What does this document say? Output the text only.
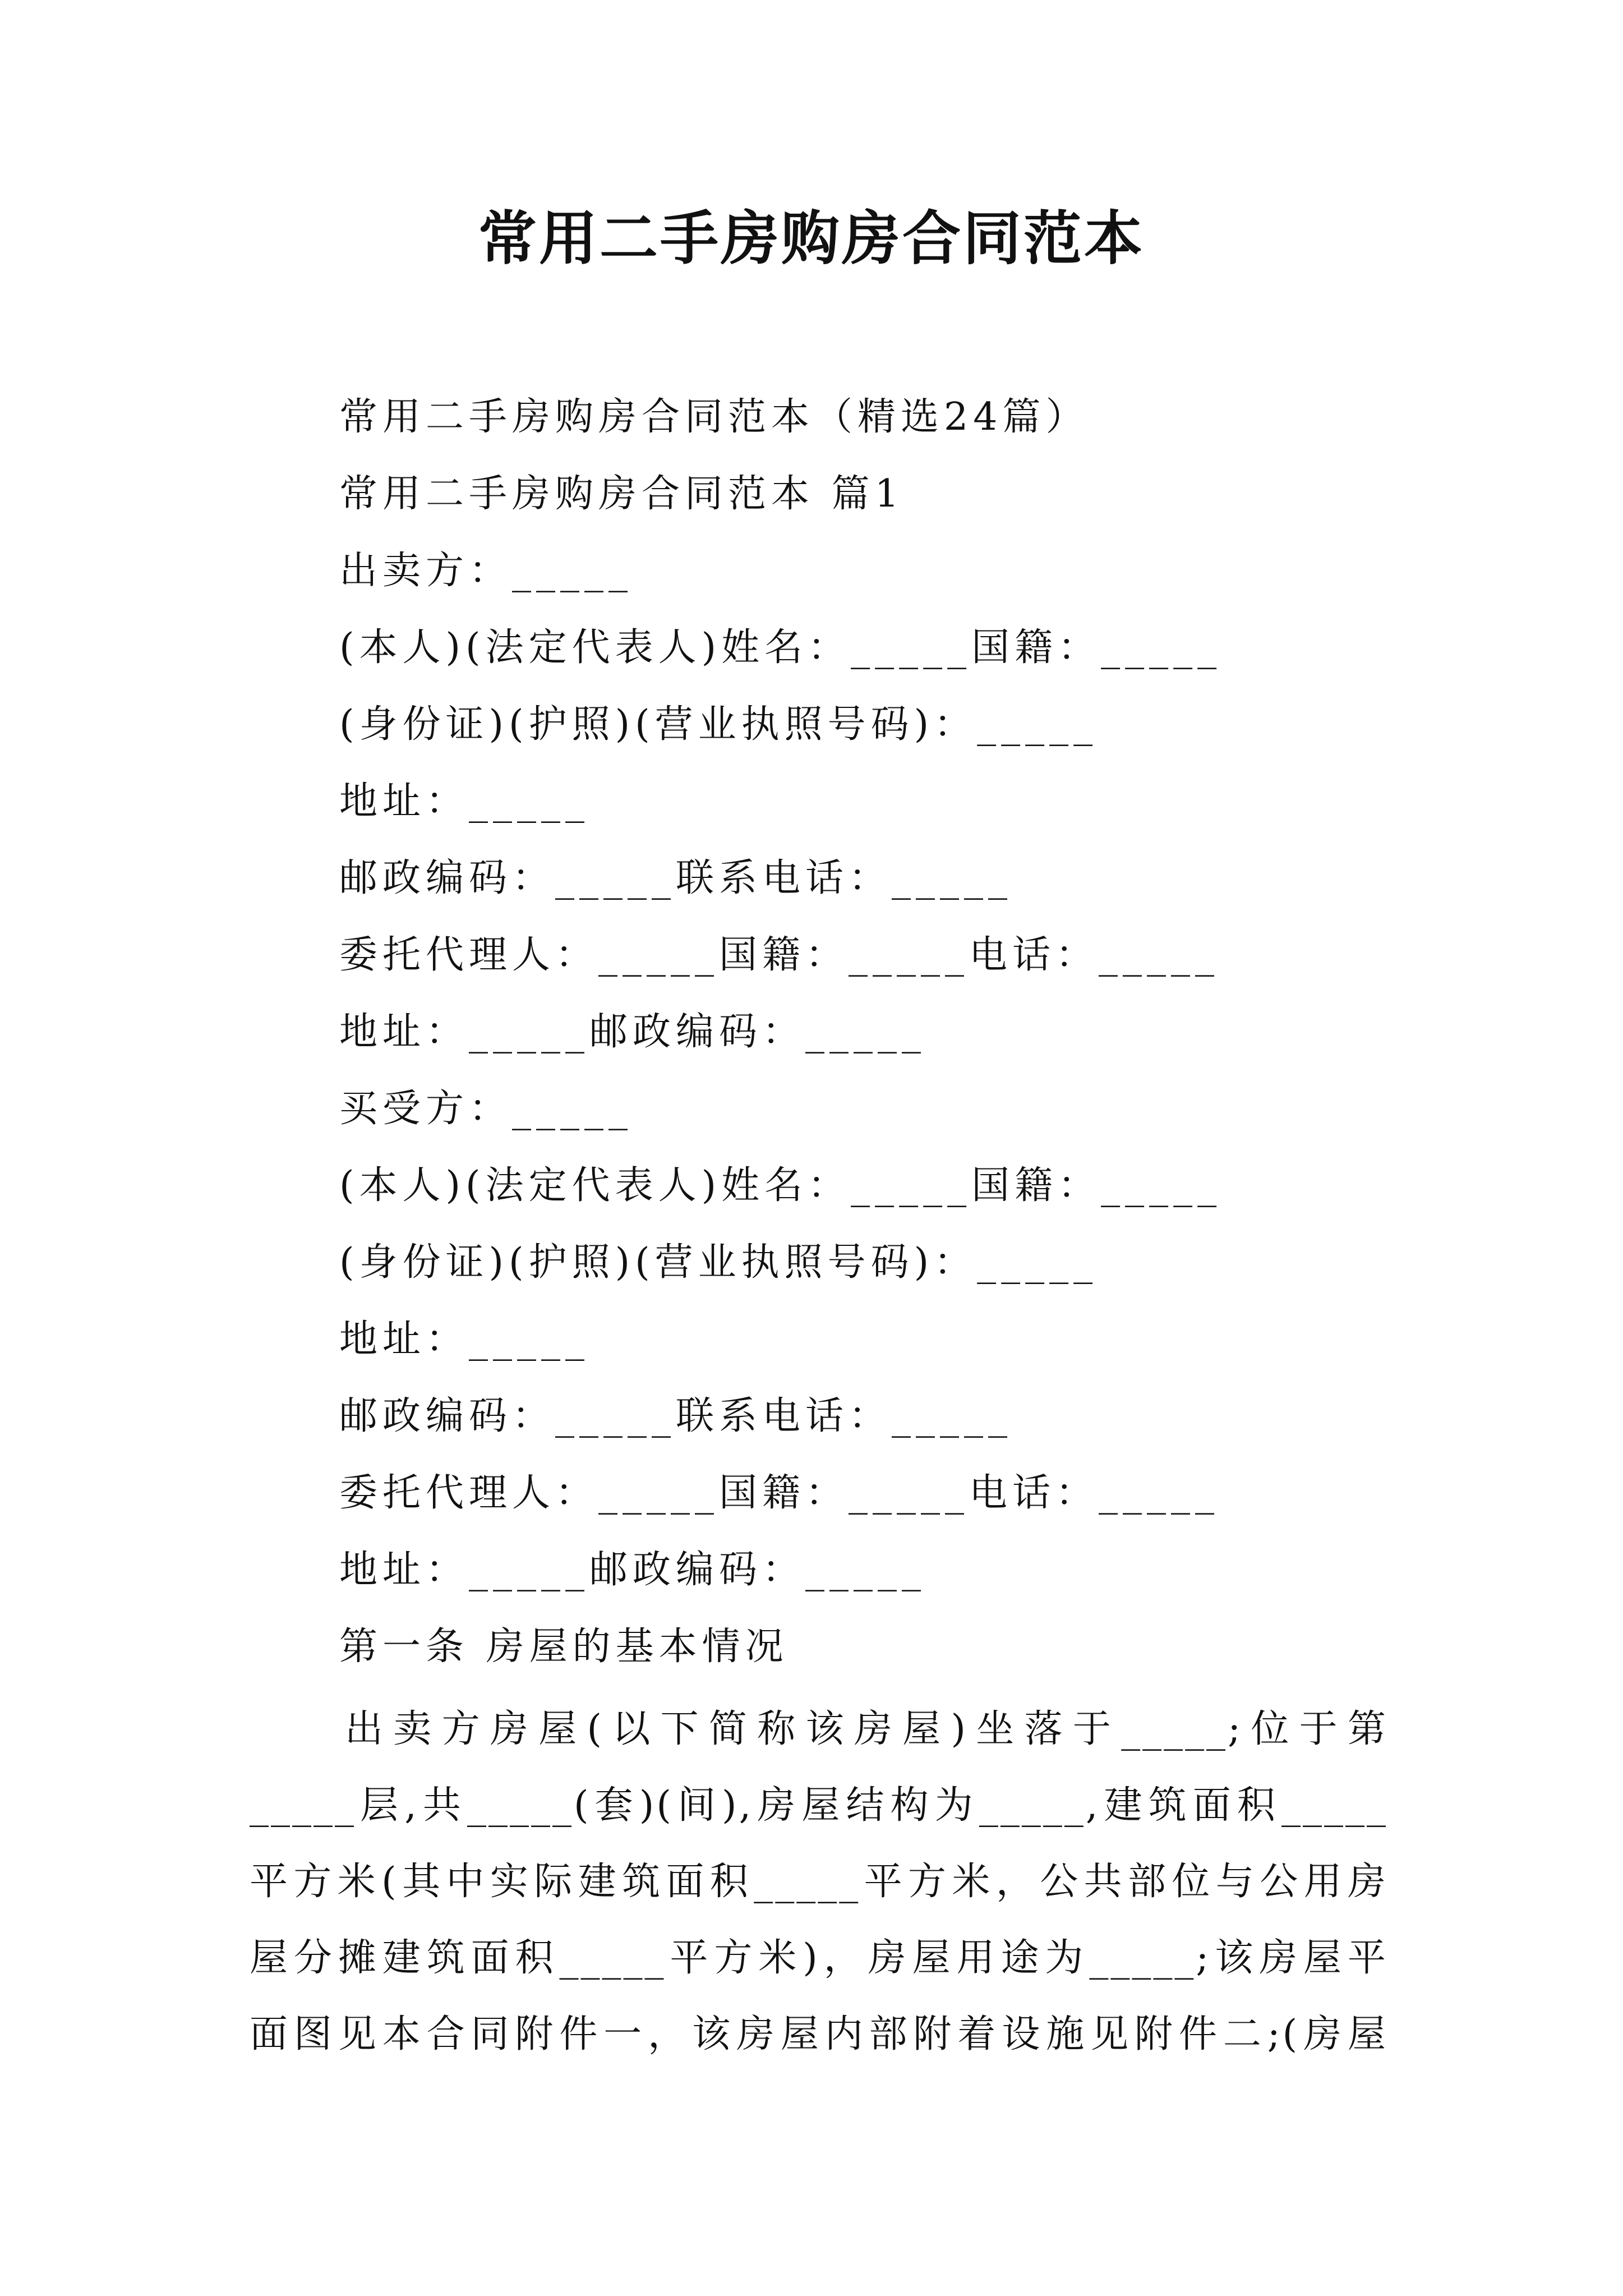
常用二手房购房合同范本
常用二手房购房合同范本（精选24篇）
常用二手房购房合同范本 篇1
出卖方：_____
(本人)(法定代表人)姓名：_____国籍：_____
(身份证)(护照)(营业执照号码)：_____
地址：_____
邮政编码：_____联系电话：_____
委托代理人：_____国籍：_____电话：_____
地址：_____邮政编码：_____
买受方：_____
(本人)(法定代表人)姓名：_____国籍：_____
(身份证)(护照)(营业执照号码)：_____
地址：_____
邮政编码：_____联系电话：_____
委托代理人：_____国籍：_____电话：_____
地址：_____邮政编码：_____
第一条 房屋的基本情况
出卖方房屋(以下简称该房屋)坐落于_____;位于第
_____层,共_____(套)(间),房屋结构为_____,建筑面积_____
平方米(其中实际建筑面积_____平方米，公共部位与公用房
屋分摊建筑面积_____平方米)，房屋用途为_____;该房屋平
面图见本合同附件一，该房屋内部附着设施见附件二;(房屋
